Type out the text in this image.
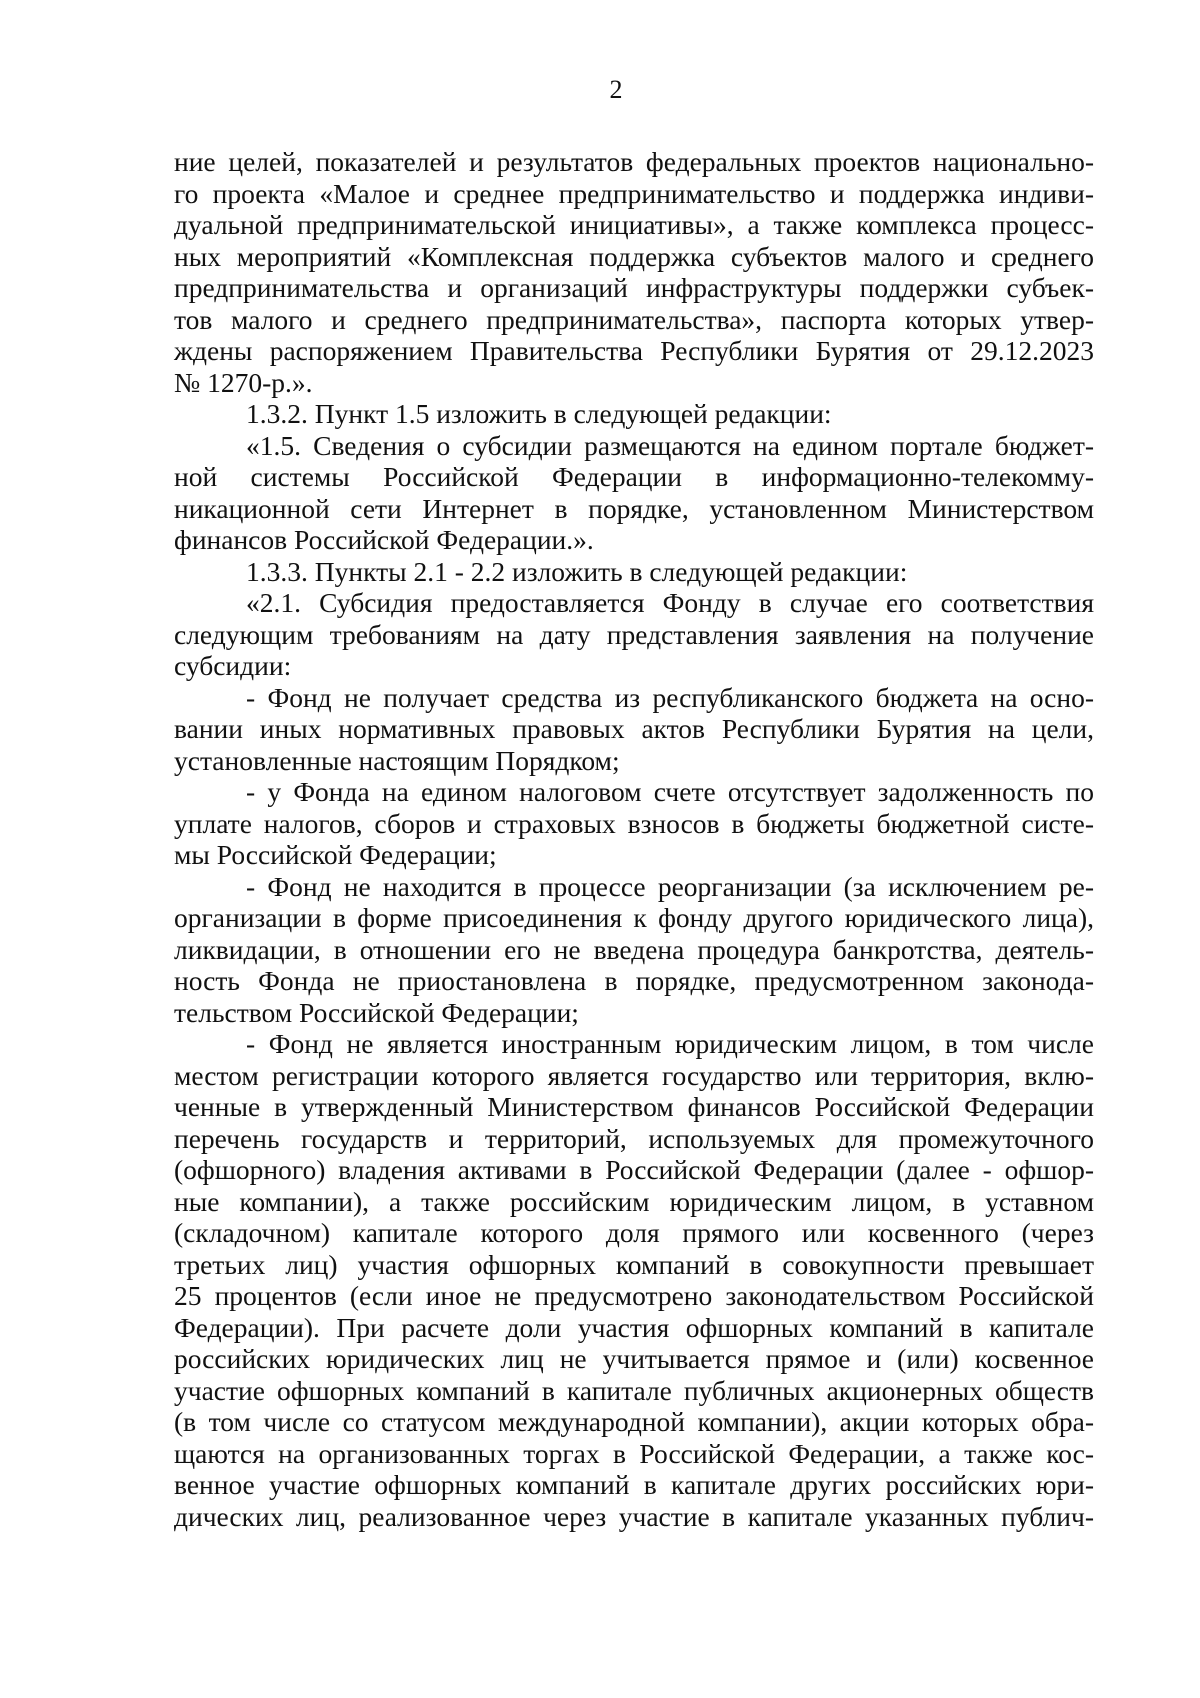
2
ние целей, показателей и результатов федеральных проектов национально-
го проекта «Малое и среднее предпринимательство и поддержка индиви-
дуальной предпринимательской инициативы», а также комплекса процесс-
ных мероприятий «Комплексная поддержка субъектов малого и среднего
предпринимательства и организаций инфраструктуры поддержки субъек-
тов малого и среднего предпринимательства», паспорта которых утвер-
ждены распоряжением Правительства Республики Бурятия от 29.12.2023
№ 1270-р.».
1.3.2. Пункт 1.5 изложить в следующей редакции:
«1.5. Сведения о субсидии размещаются на едином портале бюджет-
ной системы Российской Федерации в информационно-телекомму-
никационной сети Интернет в порядке, установленном Министерством
финансов Российской Федерации.».
1.3.3. Пункты 2.1 - 2.2 изложить в следующей редакции:
«2.1. Субсидия предоставляется Фонду в случае его соответствия
следующим требованиям на дату представления заявления на получение
субсидии:
- Фонд не получает средства из республиканского бюджета на осно-
вании иных нормативных правовых актов Республики Бурятия на цели,
установленные настоящим Порядком;
- у Фонда на едином налоговом счете отсутствует задолженность по
уплате налогов, сборов и страховых взносов в бюджеты бюджетной систе-
мы Российской Федерации;
- Фонд не находится в процессе реорганизации (за исключением ре-
организации в форме присоединения к фонду другого юридического лица),
ликвидации, в отношении его не введена процедура банкротства, деятель-
ность Фонда не приостановлена в порядке, предусмотренном законода-
тельством Российской Федерации;
- Фонд не является иностранным юридическим лицом, в том числе
местом регистрации которого является государство или территория, вклю-
ченные в утвержденный Министерством финансов Российской Федерации
перечень государств и территорий, используемых для промежуточного
(офшорного) владения активами в Российской Федерации (далее - офшор-
ные компании), а также российским юридическим лицом, в уставном
(складочном) капитале которого доля прямого или косвенного (через
третьих лиц) участия офшорных компаний в совокупности превышает
25 процентов (если иное не предусмотрено законодательством Российской
Федерации). При расчете доли участия офшорных компаний в капитале
российских юридических лиц не учитывается прямое и (или) косвенное
участие офшорных компаний в капитале публичных акционерных обществ
(в том числе со статусом международной компании), акции которых обра-
щаются на организованных торгах в Российской Федерации, а также кос-
венное участие офшорных компаний в капитале других российских юри-
дических лиц, реализованное через участие в капитале указанных публич-
